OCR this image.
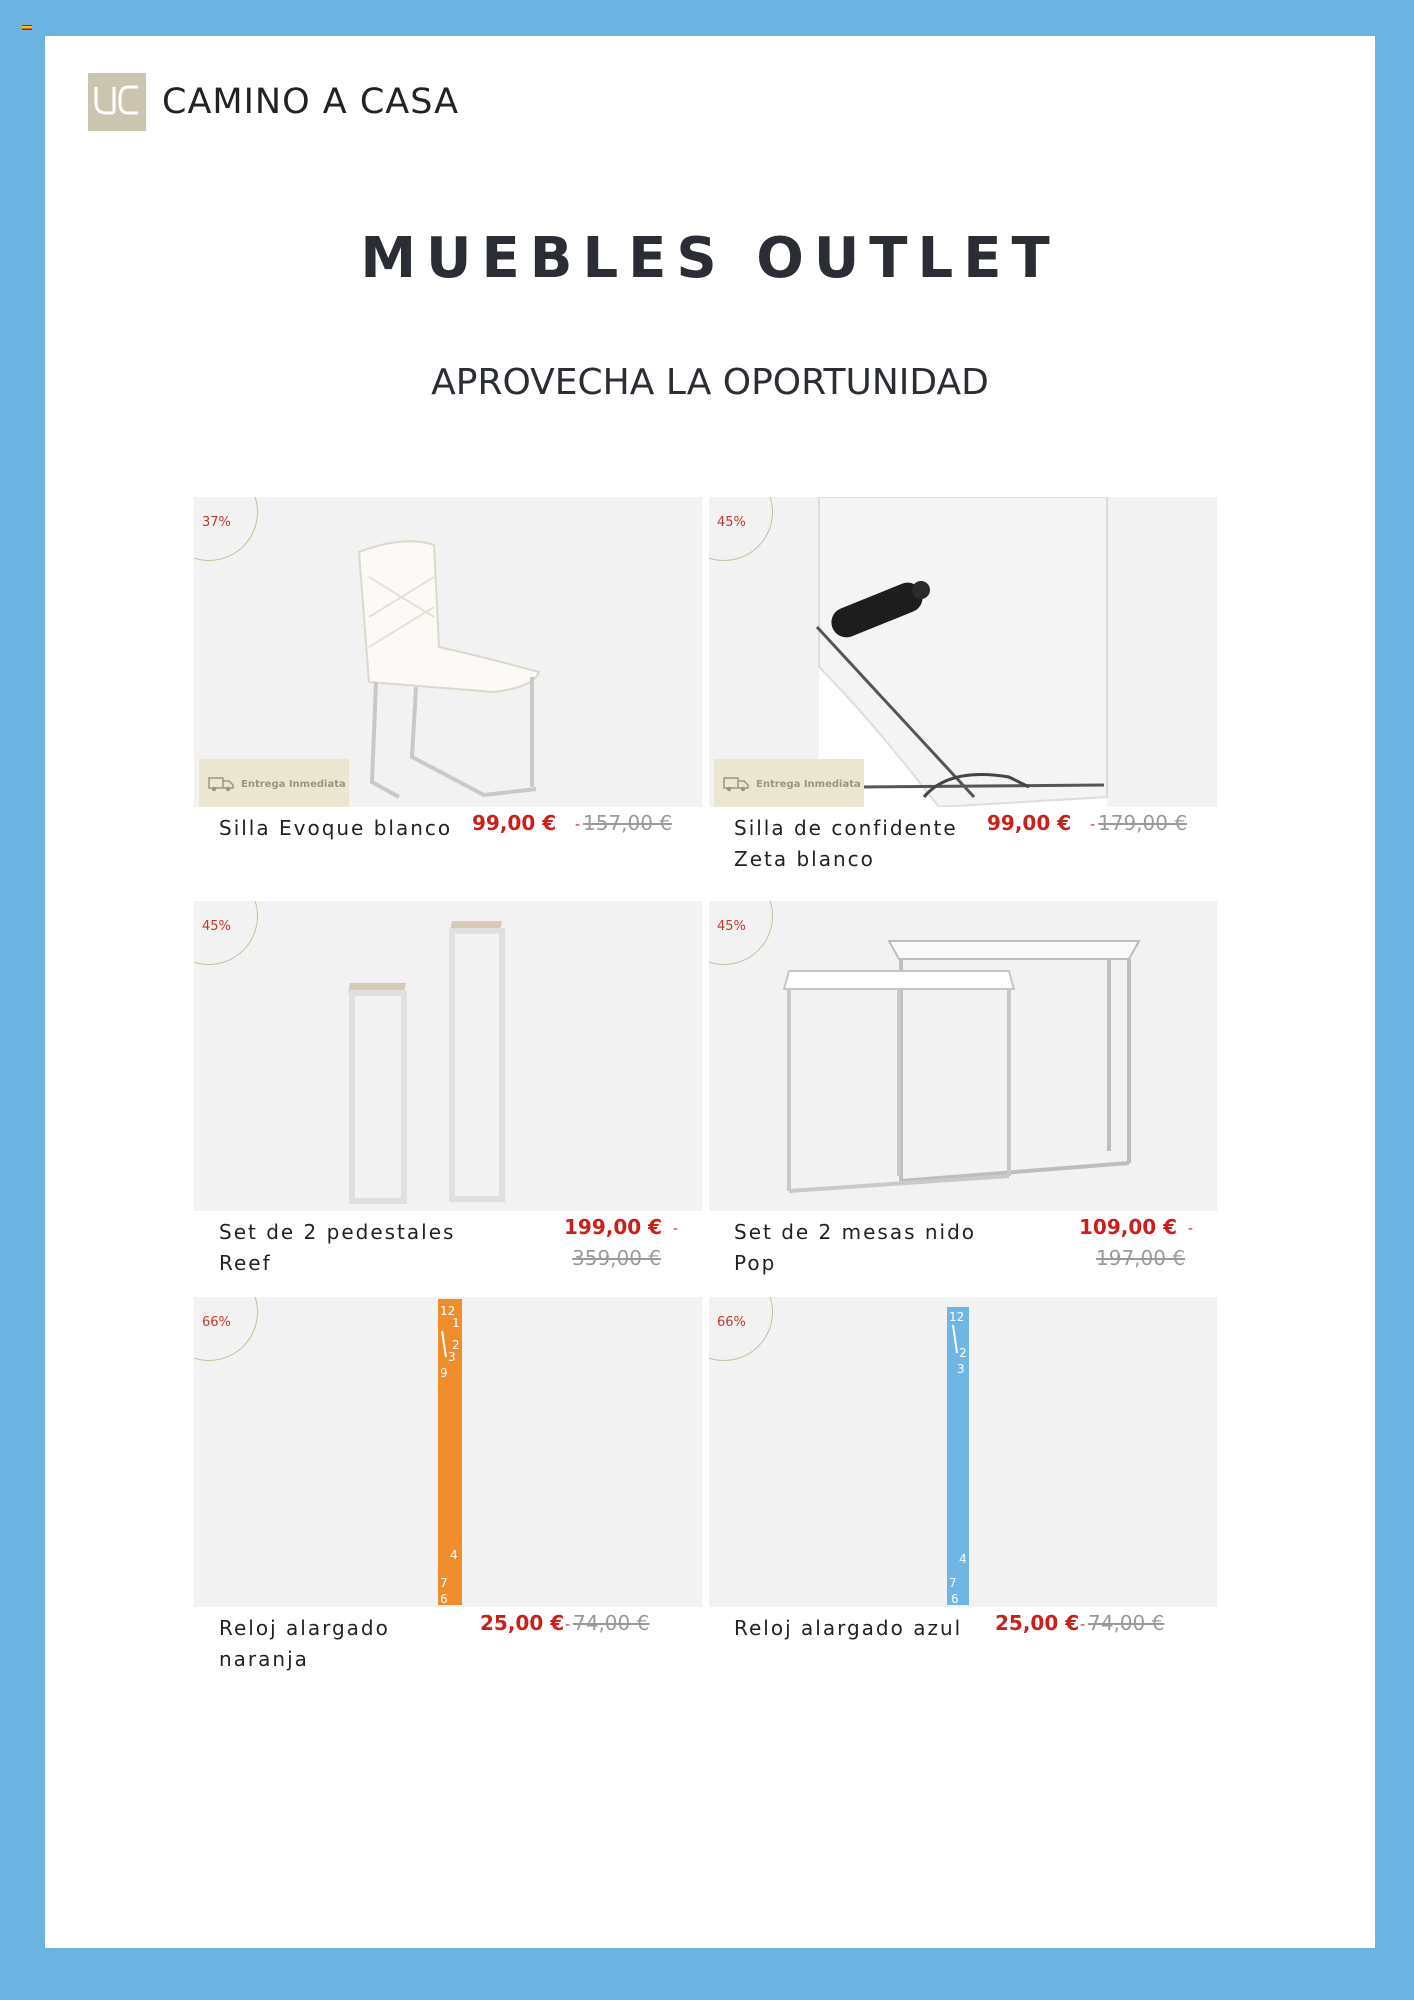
CAMINO A CASA
MUEBLES OUTLET
APROVECHA LA OPORTUNIDAD
37%
Entrega Inmediata
Silla Evoque blanco 99,00 € - 157,00 €
45%
Entrega Inmediata
Silla de confidente Zeta blanco
99,00 € - 179,00 €
45%
Set de 2 pedestales Reef
199,00 € -
359,00 €
45%
Set de 2 mesas nido Pop
109,00 € -
197,00 €
12
1
2
3
9
4
7
6
66%
Reloj alargado naranja
25,00 € - 74,00 €
12
2
3
4
7
6
66%
Reloj alargado azul	25,00 € - 74,00 €
